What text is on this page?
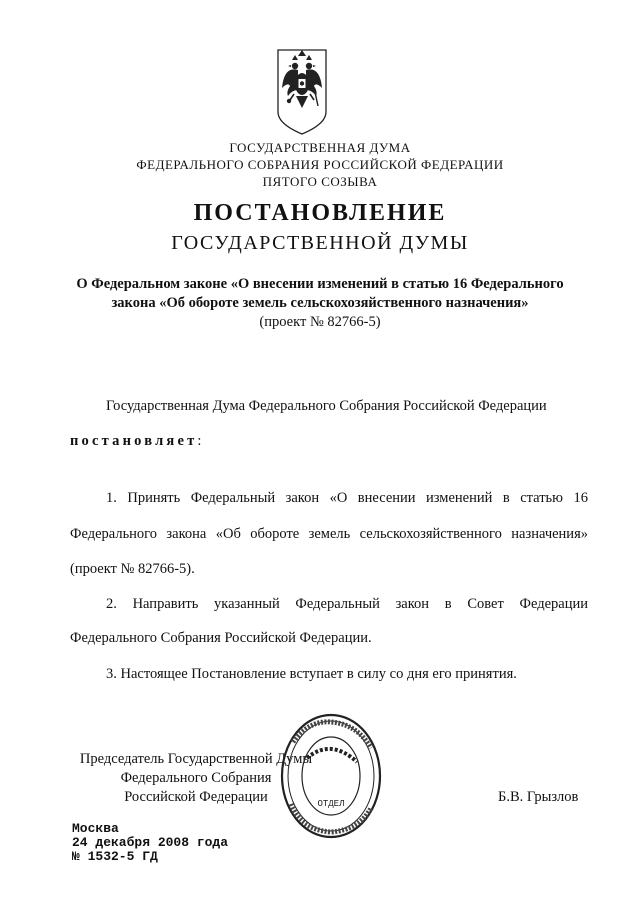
ГОСУДАРСТВЕННАЯ ДУМА
ФЕДЕРАЛЬНОГО СОБРАНИЯ РОССИЙСКОЙ ФЕДЕРАЦИИ
ПЯТОГО СОЗЫВА
ПОСТАНОВЛЕНИЕ
ГОСУДАРСТВЕННОЙ ДУМЫ
О Федеральном законе «О внесении изменений в статью 16 Федерального
закона «Об обороте земель сельскохозяйственного назначения»
(проект № 82766-5)
Государственная Дума Федерального Собрания Российской Федерации
постановляет:
1. Принять Федеральный закон «О внесении изменений в статью 16
Федерального закона «Об обороте земель сельскохозяйственного назначения»
(проект № 82766-5).
2. Направить указанный Федеральный закон в Совет Федерации
Федерального Собрания Российской Федерации.
3. Настоящее Постановление вступает в силу со дня его принятия.
Председатель Государственной Думы
Федерального Собрания
Российской Федерации	Б.В. Грызлов
ОТДЕЛ
Москва
24 декабря 2008 года
№ 1532-5 ГД
